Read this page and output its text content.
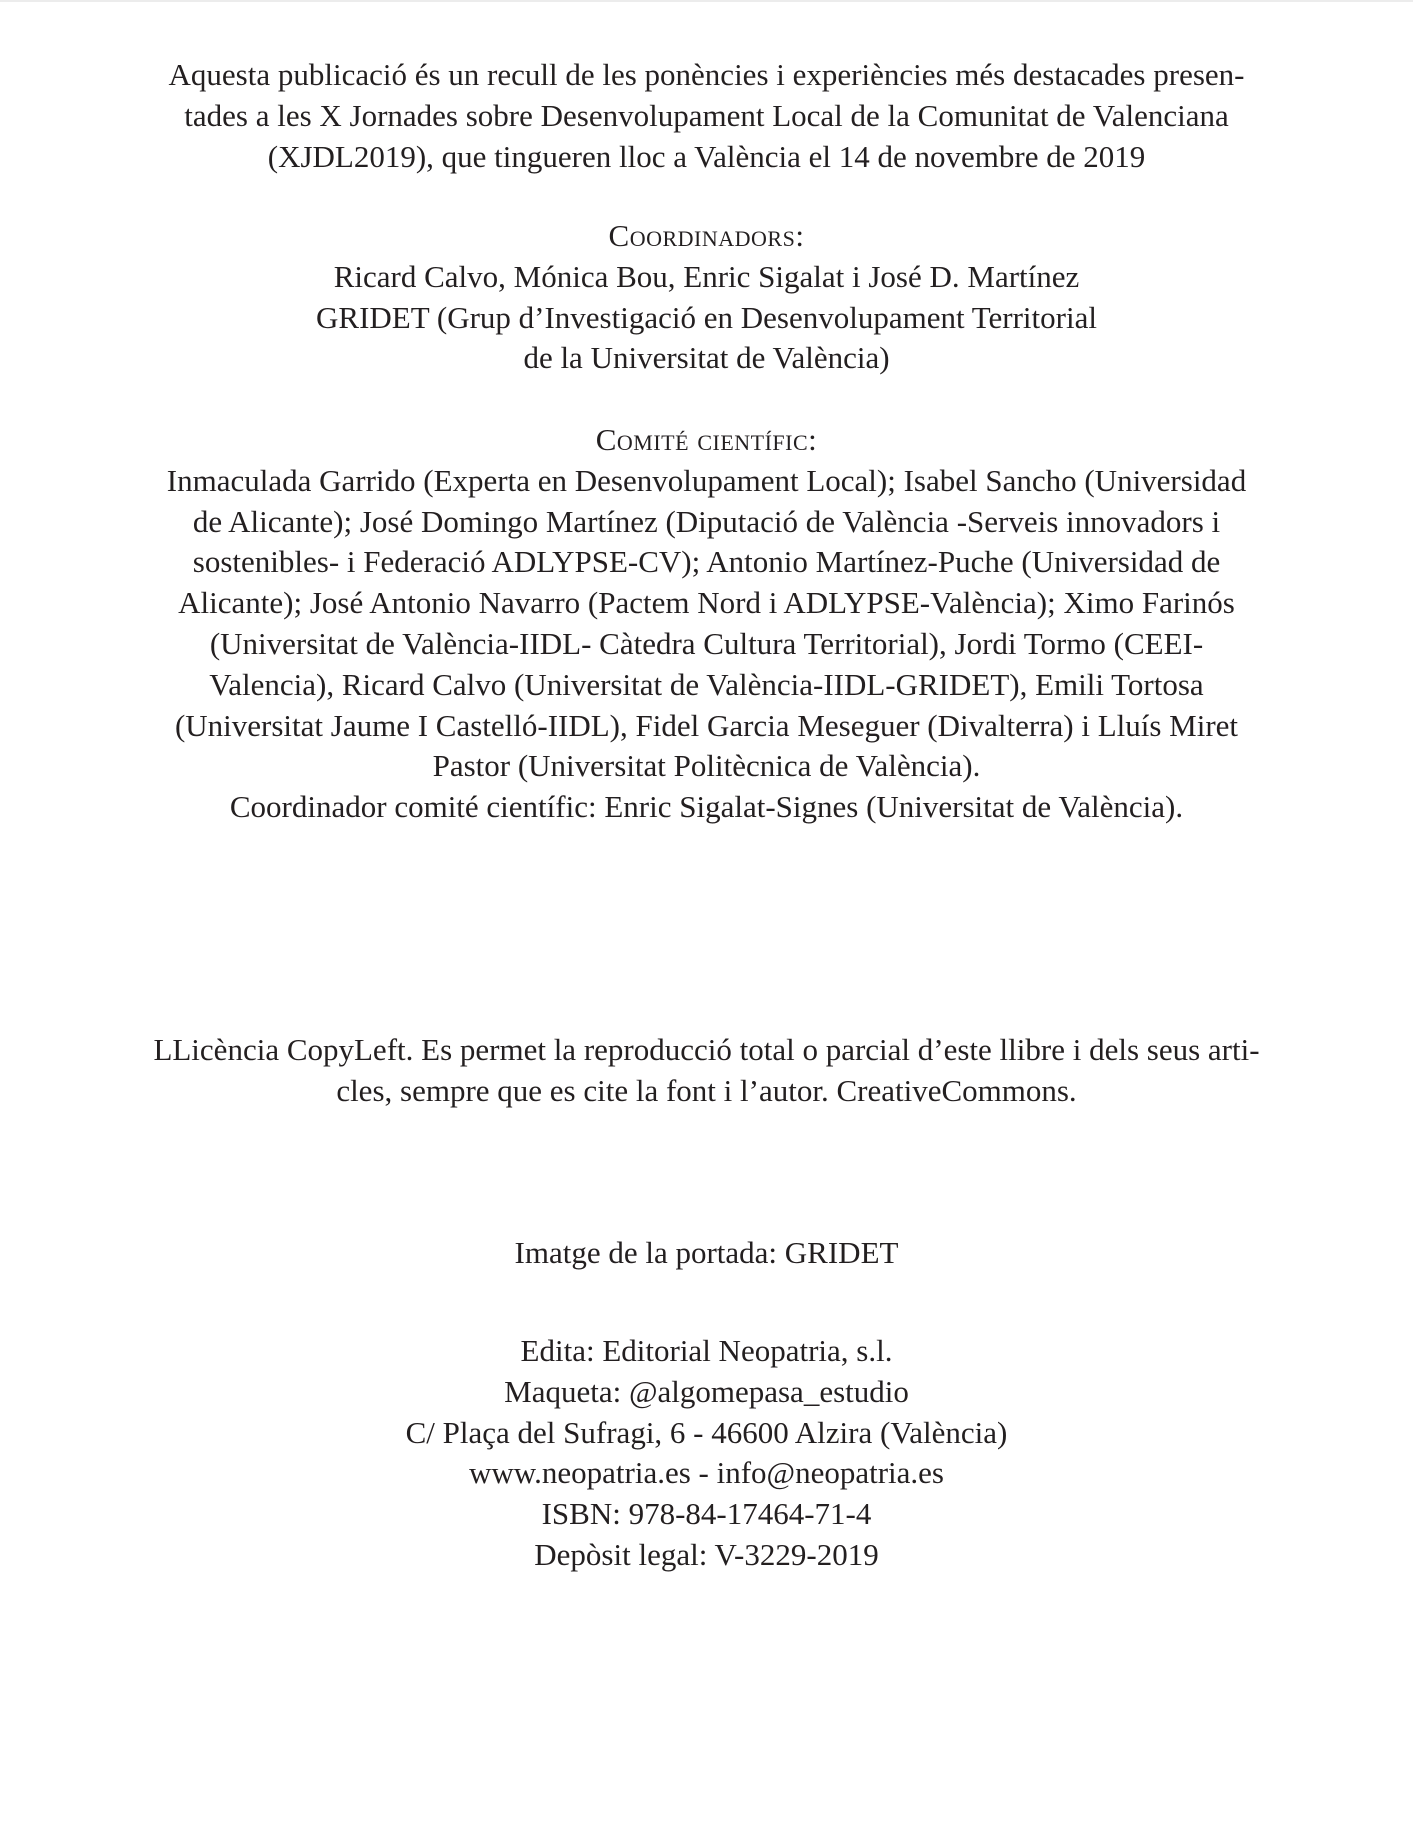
Aquesta publicació és un recull de les ponències i experiències més destacades presen-
tades a les X Jornades sobre Desenvolupament Local de la Comunitat de Valenciana
(XJDL2019), que tingueren lloc a València el 14 de novembre de 2019
Coordinadors:
Ricard Calvo, Mónica Bou, Enric Sigalat i José D. Martínez
GRIDET (Grup d’Investigació en Desenvolupament Territorial
de la Universitat de València)
Comité científic:
Inmaculada Garrido (Experta en Desenvolupament Local); Isabel Sancho (Universidad
de Alicante); José Domingo Martínez (Diputació de València -Serveis innovadors i
sostenibles- i Federació ADLYPSE-CV); Antonio Martínez-Puche (Universidad de
Alicante); José Antonio Navarro (Pactem Nord i ADLYPSE-València); Ximo Farinós
(Universitat de València-IIDL- Càtedra Cultura Territorial), Jordi Tormo (CEEI-
Valencia), Ricard Calvo (Universitat de València-IIDL-GRIDET), Emili Tortosa
(Universitat Jaume I Castelló-IIDL), Fidel Garcia Meseguer (Divalterra) i Lluís Miret
Pastor (Universitat Politècnica de València).
Coordinador comité científic: Enric Sigalat-Signes (Universitat de València).
LLicència CopyLeft. Es permet la reproducció total o parcial d’este llibre i dels seus arti-
cles, sempre que es cite la font i l’autor. CreativeCommons.
Imatge de la portada: GRIDET
Edita: Editorial Neopatria, s.l.
Maqueta: @algomepasa_estudio
C/ Plaça del Sufragi, 6 - 46600 Alzira (València)
www.neopatria.es - info@neopatria.es
ISBN: 978-84-17464-71-4
Depòsit legal: V-3229-2019
